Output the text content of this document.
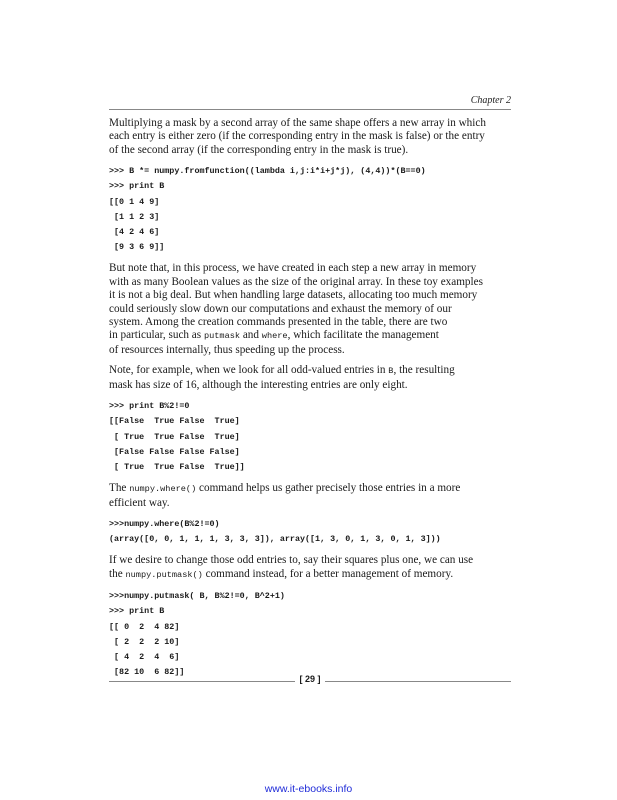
Chapter 2

Multiplying a mask by a second array of the same shape offers a new array in which
each entry is either zero (if the corresponding entry in the mask is false) or the entry
of the second array (if the corresponding entry in the mask is true).

>>> B *= numpy.fromfunction((lambda i,j:i*i+j*j), (4,4))*(B==0)
>>> print B
[[0 1 4 9]
[1 1 2 3]
[4 2 4 6]
[9 3 6 9]]

But note that, in this process, we have created in each step a new array in memory
with as many Boolean values as the size of the original array. In these toy examples
it is not a big deal. But when handling large datasets, allocating too much memory
could seriously slow down our computations and exhaust the memory of our
system. Among the creation commands presented in the table, there are two
in particular, such as putmask and where, which facilitate the management
of resources internally, thus speeding up the process.

Note, for example, when we look for all odd-valued entries in B, the resulting
mask has size of 16, although the interesting entries are only eight.

>>> print B%2!=0
[[False  True False  True]
[ True  True False  True]
[False False False False]
[ True  True False  True]]

The numpy.where() command helps us gather precisely those entries in a more
efficient way.

>>>numpy.where(B%2!=0)
(array([0, 0, 1, 1, 1, 3, 3, 3]), array([1, 3, 0, 1, 3, 0, 1, 3]))

If we desire to change those odd entries to, say their squares plus one, we can use
the numpy.putmask() command instead, for a better management of memory.

>>>numpy.putmask( B, B%2!=0, B^2+1)
>>> print B
[[ 0  2  4 82]
[ 2  2  2 10]
[ 4  2  4  6]
[82 10  6 82]]
[ 29 ]
www.it-ebooks.info
